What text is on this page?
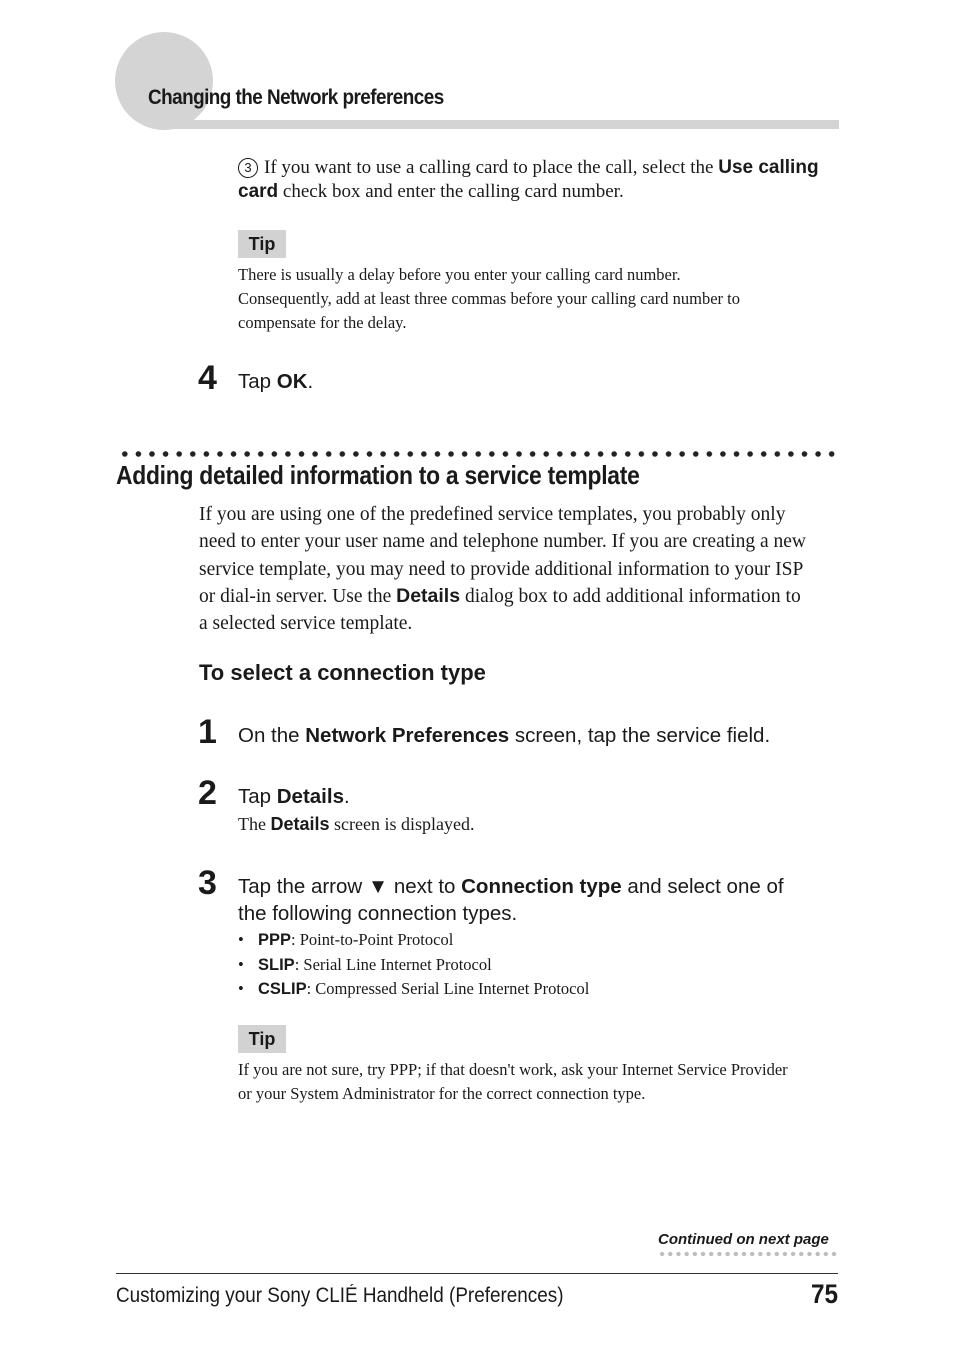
Changing the Network preferences
3 If you want to use a calling card to place the call, select the Use calling card check box and enter the calling card number.
Tip
There is usually a delay before you enter your calling card number.
Consequently, add at least three commas before your calling card number to
compensate for the delay.
4 Tap OK.
Adding detailed information to a service template
If you are using one of the predefined service templates, you probably only
need to enter your user name and telephone number. If you are creating a new
service template, you may need to provide additional information to your ISP
or dial-in server. Use the Details dialog box to add additional information to
a selected service template.
To select a connection type
1 On the Network Preferences screen, tap the service field.
2 Tap Details.
The Details screen is displayed.
3 Tap the arrow ▼ next to Connection type and select one of
the following connection types.
• PPP: Point-to-Point Protocol
• SLIP: Serial Line Internet Protocol
• CSLIP: Compressed Serial Line Internet Protocol
Tip
If you are not sure, try PPP; if that doesn't work, ask your Internet Service Provider
or your System Administrator for the correct connection type.
Continued on next page
Customizing your Sony CLIÉ Handheld (Preferences)	75
